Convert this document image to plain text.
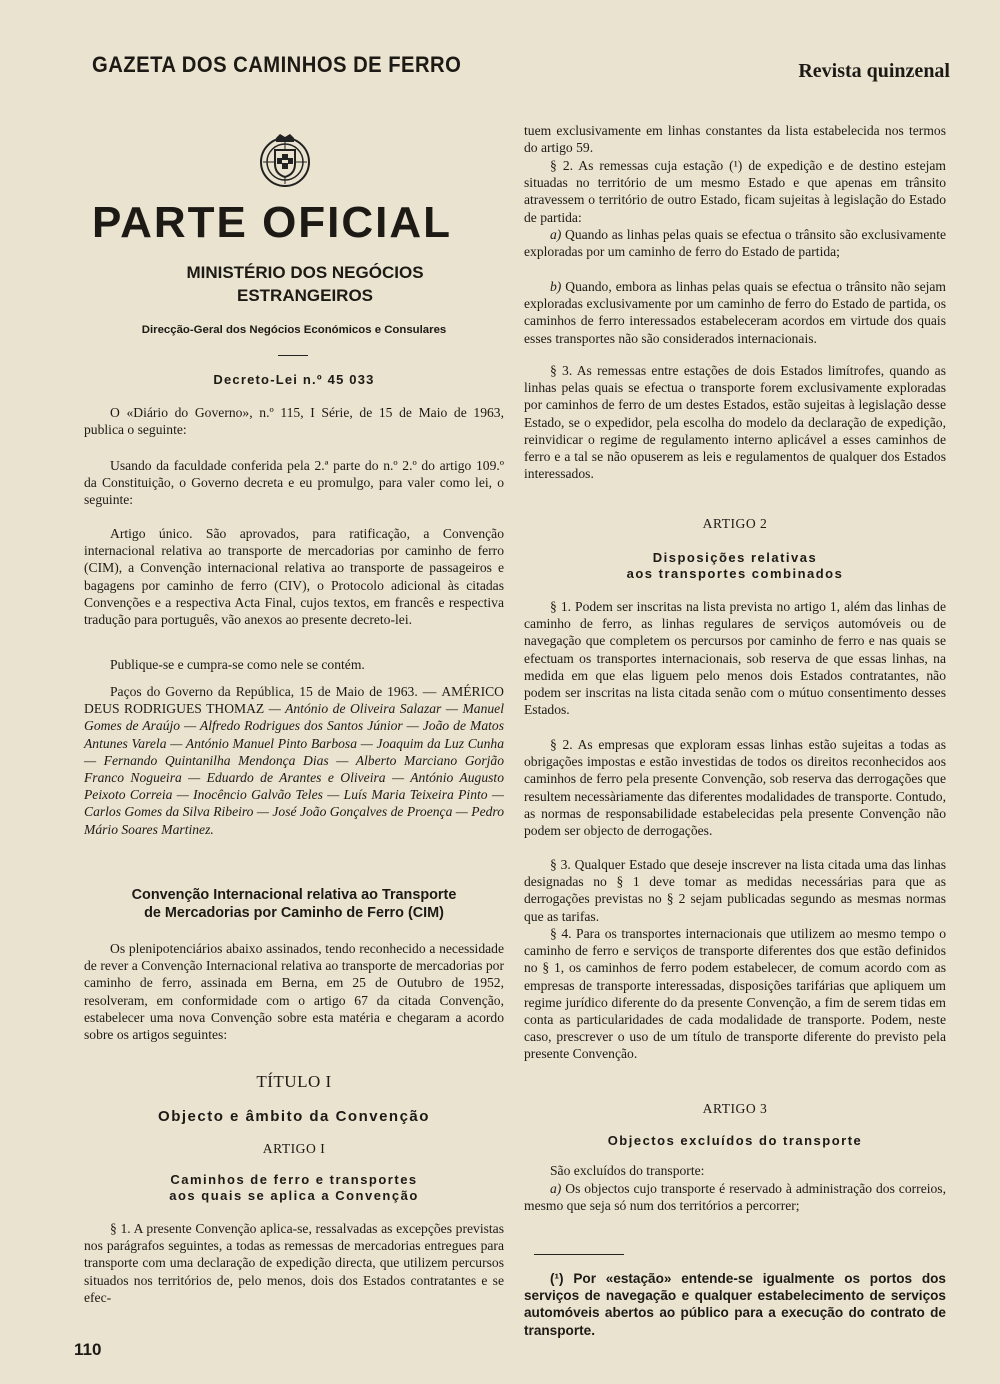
GAZETA DOS CAMINHOS DE FERRO	Revista quinzenal
PARTE OFICIAL
MINISTÉRIO DOS NEGÓCIOS
ESTRANGEIROS
Direcção-Geral dos Negócios Económicos e Consulares
Decreto-Lei n.º 45 033

O «Diário do Governo», n.º 115, I Série, de 15 de Maio de 1963, publica o seguinte:

Usando da faculdade conferida pela 2.ª parte do n.º 2.º do artigo 109.º da Constituição, o Governo decreta e eu promulgo, para valer como lei, o seguinte:

Artigo único. São aprovados, para ratificação, a Convenção internacional relativa ao transporte de mercadorias por caminho de ferro (CIM), a Convenção internacional relativa ao transporte de passageiros e bagagens por caminho de ferro (CIV), o Protocolo adicional às citadas Convenções e a respectiva Acta Final, cujos textos, em francês e respectiva tradução para português, vão anexos ao presente decreto-lei.

Publique-se e cumpra-se como nele se contém.

Paços do Governo da República, 15 de Maio de 1963. — AMÉRICO DEUS RODRIGUES THOMAZ — António de Oliveira Salazar — Manuel Gomes de Araújo — Alfredo Rodrigues dos Santos Júnior — João de Matos Antunes Varela — António Manuel Pinto Barbosa — Joaquim da Luz Cunha — Fernando Quintanilha Mendonça Dias — Alberto Marciano Gorjão Franco Nogueira — Eduardo de Arantes e Oliveira — António Augusto Peixoto Correia — Inocêncio Galvão Teles — Luís Maria Teixeira Pinto — Carlos Gomes da Silva Ribeiro — José João Gonçalves de Proença — Pedro Mário Soares Martinez.

Convenção Internacional relativa ao Transporte
de Mercadorias por Caminho de Ferro (CIM)

Os plenipotenciários abaixo assinados, tendo reconhecido a necessidade de rever a Convenção Internacional relativa ao transporte de mercadorias por caminho de ferro, assinada em Berna, em 25 de Outubro de 1952, resolveram, em conformidade com o artigo 67 da citada Convenção, estabelecer uma nova Convenção sobre esta matéria e chegaram a acordo sobre os artigos seguintes:

TÍTULO I
Objecto e âmbito da Convenção
ARTIGO I
Caminhos de ferro e transportes
aos quais se aplica a Convenção

§ 1. A presente Convenção aplica-se, ressalvadas as excepções previstas nos parágrafos seguintes, a todas as remessas de mercadorias entregues para transporte com uma declaração de expedição directa, que utilizem percursos situados nos territórios de, pelo menos, dois dos Estados contratantes e se efec-

tuem exclusivamente em linhas constantes da lista estabelecida nos termos do artigo 59.

§ 2. As remessas cuja estação (¹) de expedição e de destino estejam situadas no território de um mesmo Estado e que apenas em trânsito atravessem o território de outro Estado, ficam sujeitas à legislação do Estado de partida:

a) Quando as linhas pelas quais se efectua o trânsito são exclusivamente exploradas por um caminho de ferro do Estado de partida;

b) Quando, embora as linhas pelas quais se efectua o trânsito não sejam exploradas exclusivamente por um caminho de ferro do Estado de partida, os caminhos de ferro interessados estabeleceram acordos em virtude dos quais esses transportes não são considerados internacionais.

§ 3. As remessas entre estações de dois Estados limítrofes, quando as linhas pelas quais se efectua o transporte forem exclusivamente exploradas por caminhos de ferro de um destes Estados, estão sujeitas à legislação desse Estado, se o expedidor, pela escolha do modelo da declaração de expedição, reinvidicar o regime de regulamento interno aplicável a esses caminhos de ferro e a tal se não opuserem as leis e regulamentos de qualquer dos Estados interessados.

ARTIGO 2
Disposições relativas
aos transportes combinados

§ 1. Podem ser inscritas na lista prevista no artigo 1, além das linhas de caminho de ferro, as linhas regulares de serviços automóveis ou de navegação que completem os percursos por caminho de ferro e nas quais se efectuam os transportes internacionais, sob reserva de que essas linhas, na medida em que elas liguem pelo menos dois Estados contratantes, não podem ser inscritas na lista citada senão com o mútuo consentimento desses Estados.

§ 2. As empresas que exploram essas linhas estão sujeitas a todas as obrigações impostas e estão investidas de todos os direitos reconhecidos aos caminhos de ferro pela presente Convenção, sob reserva das derrogações que resultem necessàriamente das diferentes modalidades de transporte. Contudo, as normas de responsabilidade estabelecidas pela presente Convenção não podem ser objecto de derrogações.

§ 3. Qualquer Estado que deseje inscrever na lista citada uma das linhas designadas no § 1 deve tomar as medidas necessárias para que as derrogações previstas no § 2 sejam publicadas segundo as mesmas normas que as tarifas.

§ 4. Para os transportes internacionais que utilizem ao mesmo tempo o caminho de ferro e serviços de transporte diferentes dos que estão definidos no § 1, os caminhos de ferro podem estabelecer, de comum acordo com as empresas de transporte interessadas, disposições tarifárias que apliquem um regime jurídico diferente do da presente Convenção, a fim de serem tidas em conta as particularidades de cada modalidade de transporte. Podem, neste caso, prescrever o uso de um título de transporte diferente do previsto pela presente Convenção.

ARTIGO 3
Objectos excluídos do transporte

São excluídos do transporte:

a) Os objectos cujo transporte é reservado à administração dos correios, mesmo que seja só num dos territórios a percorrer;

(¹) Por «estação» entende-se igualmente os portos dos serviços de navegação e qualquer estabelecimento de serviços automóveis abertos ao público para a execução do contrato de transporte.

110
